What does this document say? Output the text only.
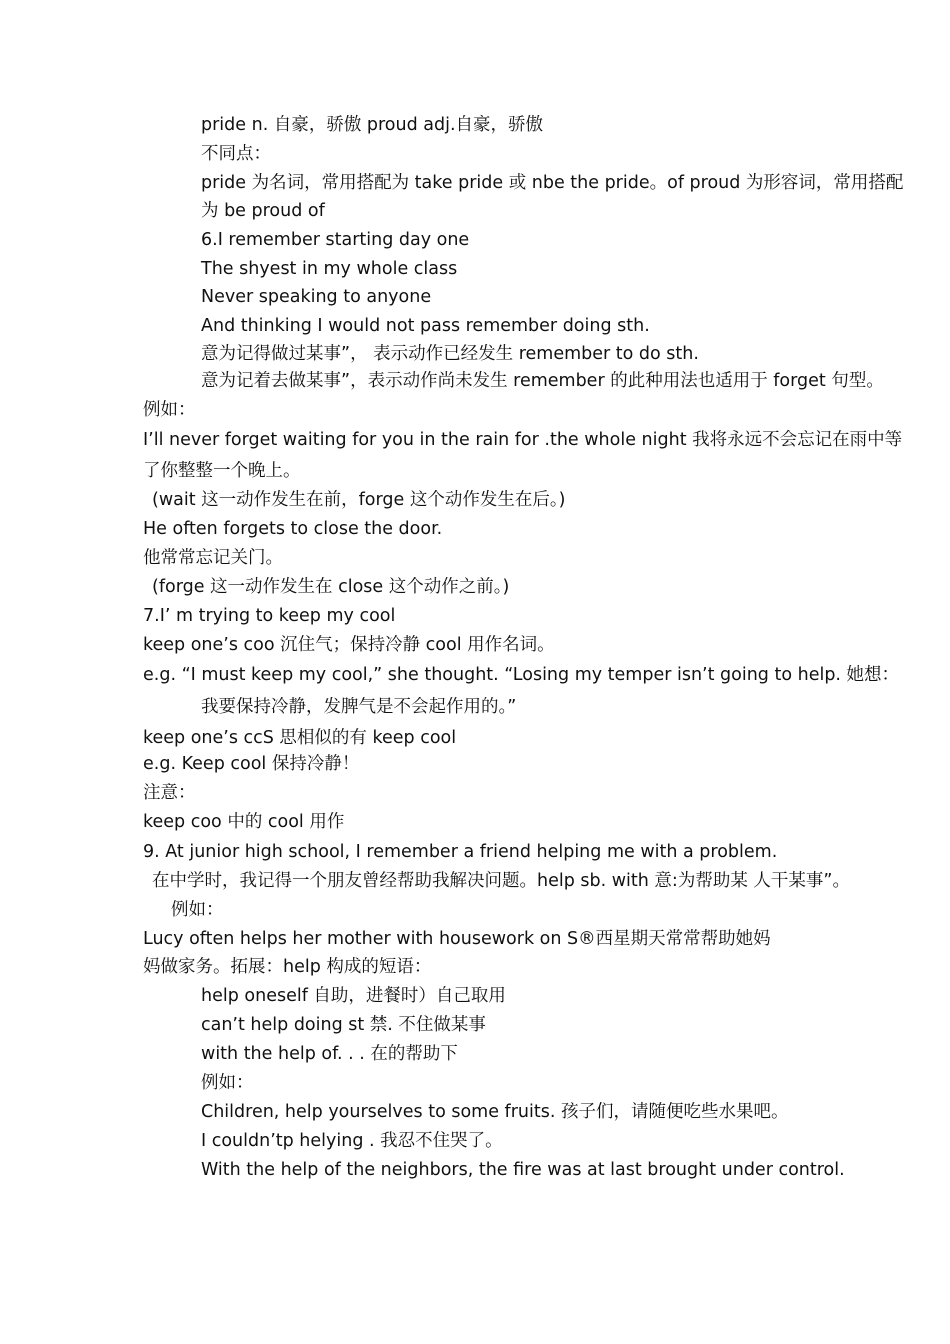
pride n. 自豪，骄傲 proud adj.自豪，骄傲
不同点：
pride 为名词，常用搭配为 take pride 或 nbe the pride。of proud 为形容词，常用搭配
为 be proud of
6.I remember starting day one
The shyest in my whole class
Never speaking to anyone
And thinking I would not pass remember doing sth.
意为记得做过某事”， 表示动作已经发生 remember to do sth.
意为记着去做某事”，表示动作尚未发生 remember 的此种用法也适用于 forget 句型。
例如：
I’ll never forget waiting for you in the rain for .the whole night 我将永远不会忘记在雨中等
了你整整一个晚上。
(wait 这一动作发生在前，forge 这个动作发生在后。)
He often forgets to close the door.
他常常忘记关门。
(forge 这一动作发生在 close 这个动作之前。)
7.I’ m trying to keep my cool
keep one’s coo 沉住气；保持冷静 cool 用作名词。
e.g. “I must keep my cool,” she thought. “Losing my temper isn’t going to help. 她想：
我要保持冷静，发脾气是不会起作用的。”
keep one’s ccS 思相似的有 keep cool
e.g. Keep cool 保持冷静！
注意：
keep coo 中的 cool 用作
9. At junior high school, I remember a friend helping me with a problem.
在中学时，我记得一个朋友曾经帮助我解决问题。help sb. with 意:为帮助某 人干某事”。
例如：
Lucy often helps her mother with housework on S®西星期天常常帮助她妈
妈做家务。拓展：help 构成的短语：
help oneself 自助，进餐时）自己取用
can’t help doing st 禁. 不住做某事
with the help of. . . 在的帮助下
例如：
Children, help yourselves to some fruits. 孩子们，请随便吃些水果吧。
I couldn’tp helying . 我忍不住哭了。
With the help of the neighbors, the fire was at last brought under control.
